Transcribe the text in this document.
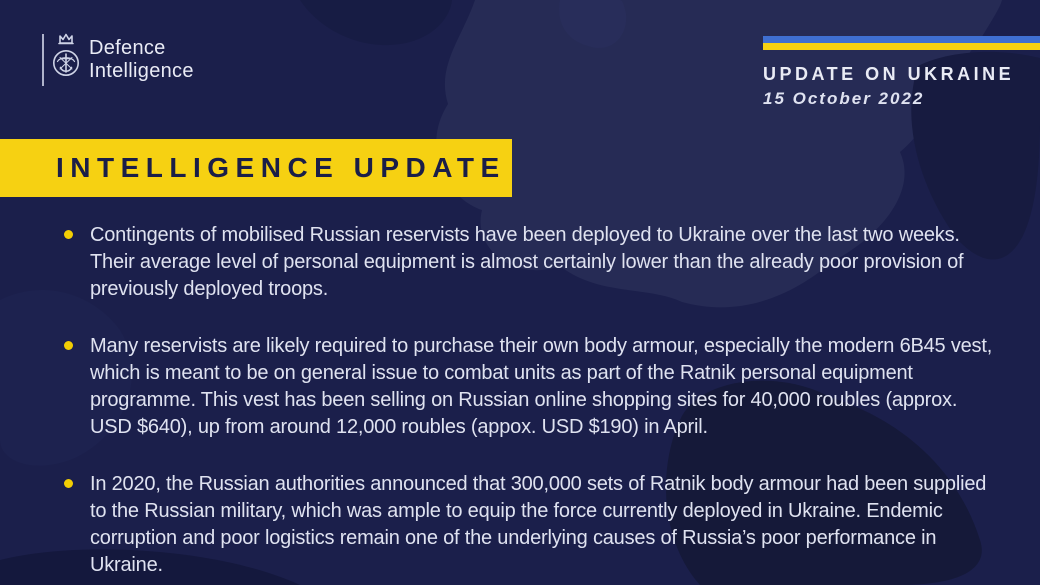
Defence
Intelligence	UPDATE ON UKRAINE
15 October 2022
INTELLIGENCE UPDATE

Contingents of mobilised Russian reservists have been deployed to Ukraine over the last two weeks. Their average level of personal equipment is almost certainly lower than the already poor provision of previously deployed troops.

Many reservists are likely required to purchase their own body armour, especially the modern 6B45 vest, which is meant to be on general issue to combat units as part of the Ratnik personal equipment programme. This vest has been selling on Russian online shopping sites for 40,000 roubles (approx. USD $640), up from around 12,000 roubles (appox. USD $190) in April.

In 2020, the Russian authorities announced that 300,000 sets of Ratnik body armour had been supplied to the Russian military, which was ample to equip the force currently deployed in Ukraine. Endemic corruption and poor logistics remain one of the underlying causes of Russia’s poor performance in Ukraine.
